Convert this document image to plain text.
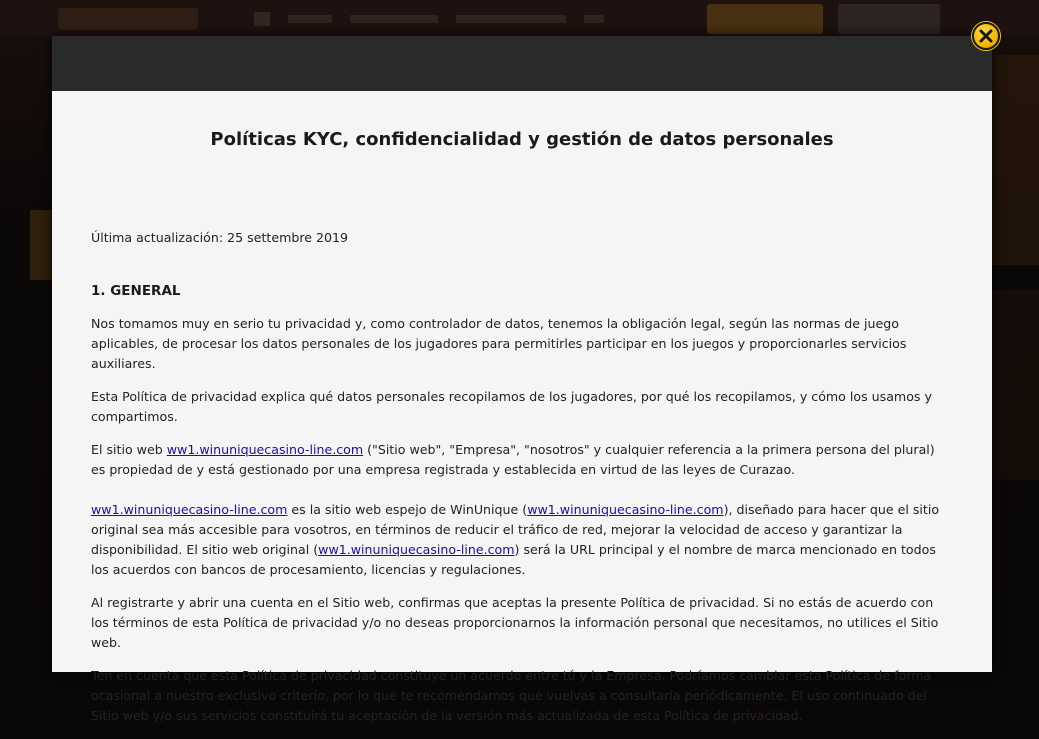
Políticas KYC, confidencialidad y gestión de datos personales

Última actualización: 25 settembre 2019

1. GENERAL

Nos tomamos muy en serio tu privacidad y, como controlador de datos, tenemos la obligación legal, según las normas de juego aplicables, de procesar los datos personales de los jugadores para permitirles participar en los juegos y proporcionarles servicios auxiliares.

Esta Política de privacidad explica qué datos personales recopilamos de los jugadores, por qué los recopilamos, y cómo los usamos y compartimos.

El sitio web ww1.winuniquecasino-line.com ("Sitio web", "Empresa", "nosotros" y cualquier referencia a la primera persona del plural) es propiedad de y está gestionado por una empresa registrada y establecida en virtud de las leyes de Curazao.

ww1.winuniquecasino-line.com es la sitio web espejo de WinUnique (ww1.winuniquecasino-line.com), diseñado para hacer que el sitio original sea más accesible para vosotros, en términos de reducir el tráfico de red, mejorar la velocidad de acceso y garantizar la disponibilidad. El sitio web original (ww1.winuniquecasino-line.com) será la URL principal y el nombre de marca mencionado en todos los acuerdos con bancos de procesamiento, licencias y regulaciones.

Al registrarte y abrir una cuenta en el Sitio web, confirmas que aceptas la presente Política de privacidad. Si no estás de acuerdo con los términos de esta Política de privacidad y/o no deseas proporcionarnos la información personal que necesitamos, no utilices el Sitio web.

Ten en cuenta que esta Política de privacidad constituye un acuerdo entre tú y la Empresa. Podríamos cambiar esta Política de forma ocasional a nuestro exclusivo criterio, por lo que te recomendamos que vuelvas a consultarla periódicamente. El uso continuado del Sitio web y/o sus servicios constituirá tu aceptación de la versión más actualizada de esta Política de privacidad.
